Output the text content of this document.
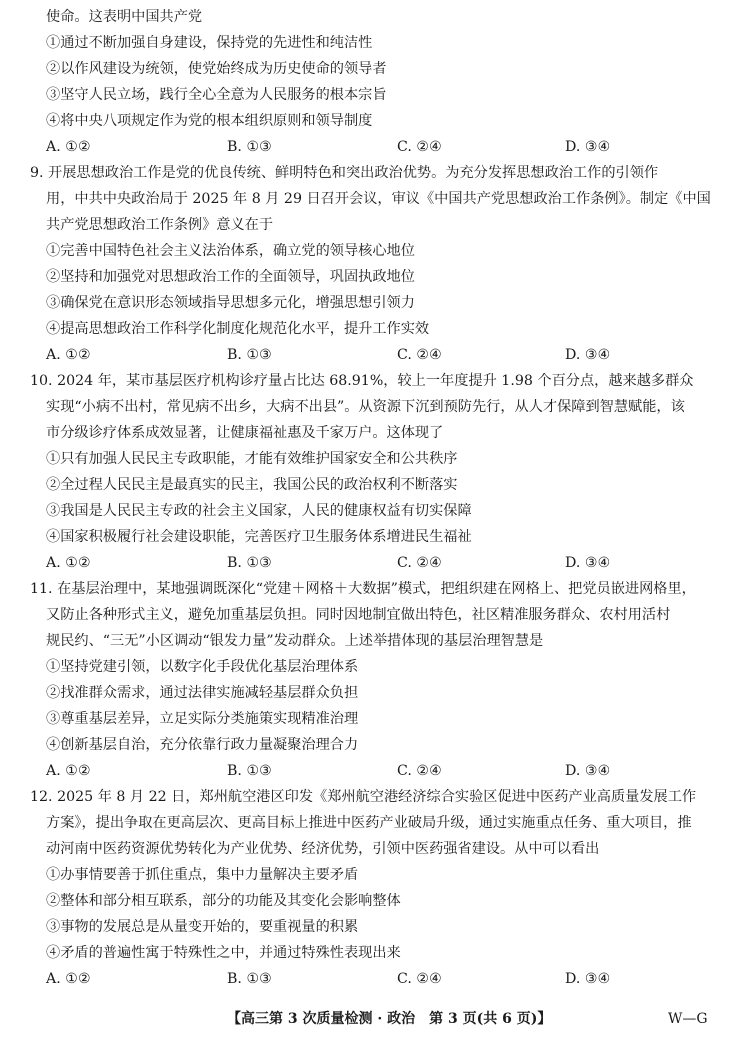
使命。这表明中国共产党
①通过不断加强自身建设，保持党的先进性和纯洁性
②以作风建设为统领，使党始终成为历史使命的领导者
③坚守人民立场，践行全心全意为人民服务的根本宗旨
④将中央八项规定作为党的根本组织原则和领导制度
A. ①②	B. ①③	C. ②④	D. ③④
9. 开展思想政治工作是党的优良传统、鲜明特色和突出政治优势。为充分发挥思想政治工作的引领作
用，中共中央政治局于 2025 年 8 月 29 日召开会议，审议《中国共产党思想政治工作条例》。制定《中国
共产党思想政治工作条例》意义在于
①完善中国特色社会主义法治体系，确立党的领导核心地位
②坚持和加强党对思想政治工作的全面领导，巩固执政地位
③确保党在意识形态领域指导思想多元化，增强思想引领力
④提高思想政治工作科学化制度化规范化水平，提升工作实效
A. ①②	B. ①③	C. ②④	D. ③④
10. 2024 年，某市基层医疗机构诊疗量占比达 68.91%，较上一年度提升 1.98 个百分点，越来越多群众
实现“小病不出村，常见病不出乡，大病不出县”。从资源下沉到预防先行，从人才保障到智慧赋能，该
市分级诊疗体系成效显著，让健康福祉惠及千家万户。这体现了
①只有加强人民民主专政职能，才能有效维护国家安全和公共秩序
②全过程人民民主是最真实的民主，我国公民的政治权利不断落实
③我国是人民民主专政的社会主义国家，人民的健康权益有切实保障
④国家积极履行社会建设职能，完善医疗卫生服务体系增进民生福祉
A. ①②	B. ①③	C. ②④	D. ③④
11. 在基层治理中，某地强调既深化“党建＋网格＋大数据”模式，把组织建在网格上、把党员嵌进网格里，
又防止各种形式主义，避免加重基层负担。同时因地制宜做出特色，社区精准服务群众、农村用活村
规民约、“三无”小区调动“银发力量”发动群众。上述举措体现的基层治理智慧是
①坚持党建引领，以数字化手段优化基层治理体系
②找准群众需求，通过法律实施减轻基层群众负担
③尊重基层差异，立足实际分类施策实现精准治理
④创新基层自治，充分依靠行政力量凝聚治理合力
A. ①②	B. ①③	C. ②④	D. ③④
12. 2025 年 8 月 22 日，郑州航空港区印发《郑州航空港经济综合实验区促进中医药产业高质量发展工作
方案》，提出争取在更高层次、更高目标上推进中医药产业破局升级，通过实施重点任务、重大项目，推
动河南中医药资源优势转化为产业优势、经济优势，引领中医药强省建设。从中可以看出
①办事情要善于抓住重点，集中力量解决主要矛盾
②整体和部分相互联系，部分的功能及其变化会影响整体
③事物的发展总是从量变开始的，要重视量的积累
④矛盾的普遍性寓于特殊性之中，并通过特殊性表现出来
A. ①②	B. ①③	C. ②④	D. ③④
【高三第 3 次质量检测 · 政治　第 3 页(共 6 页)】	W—G
